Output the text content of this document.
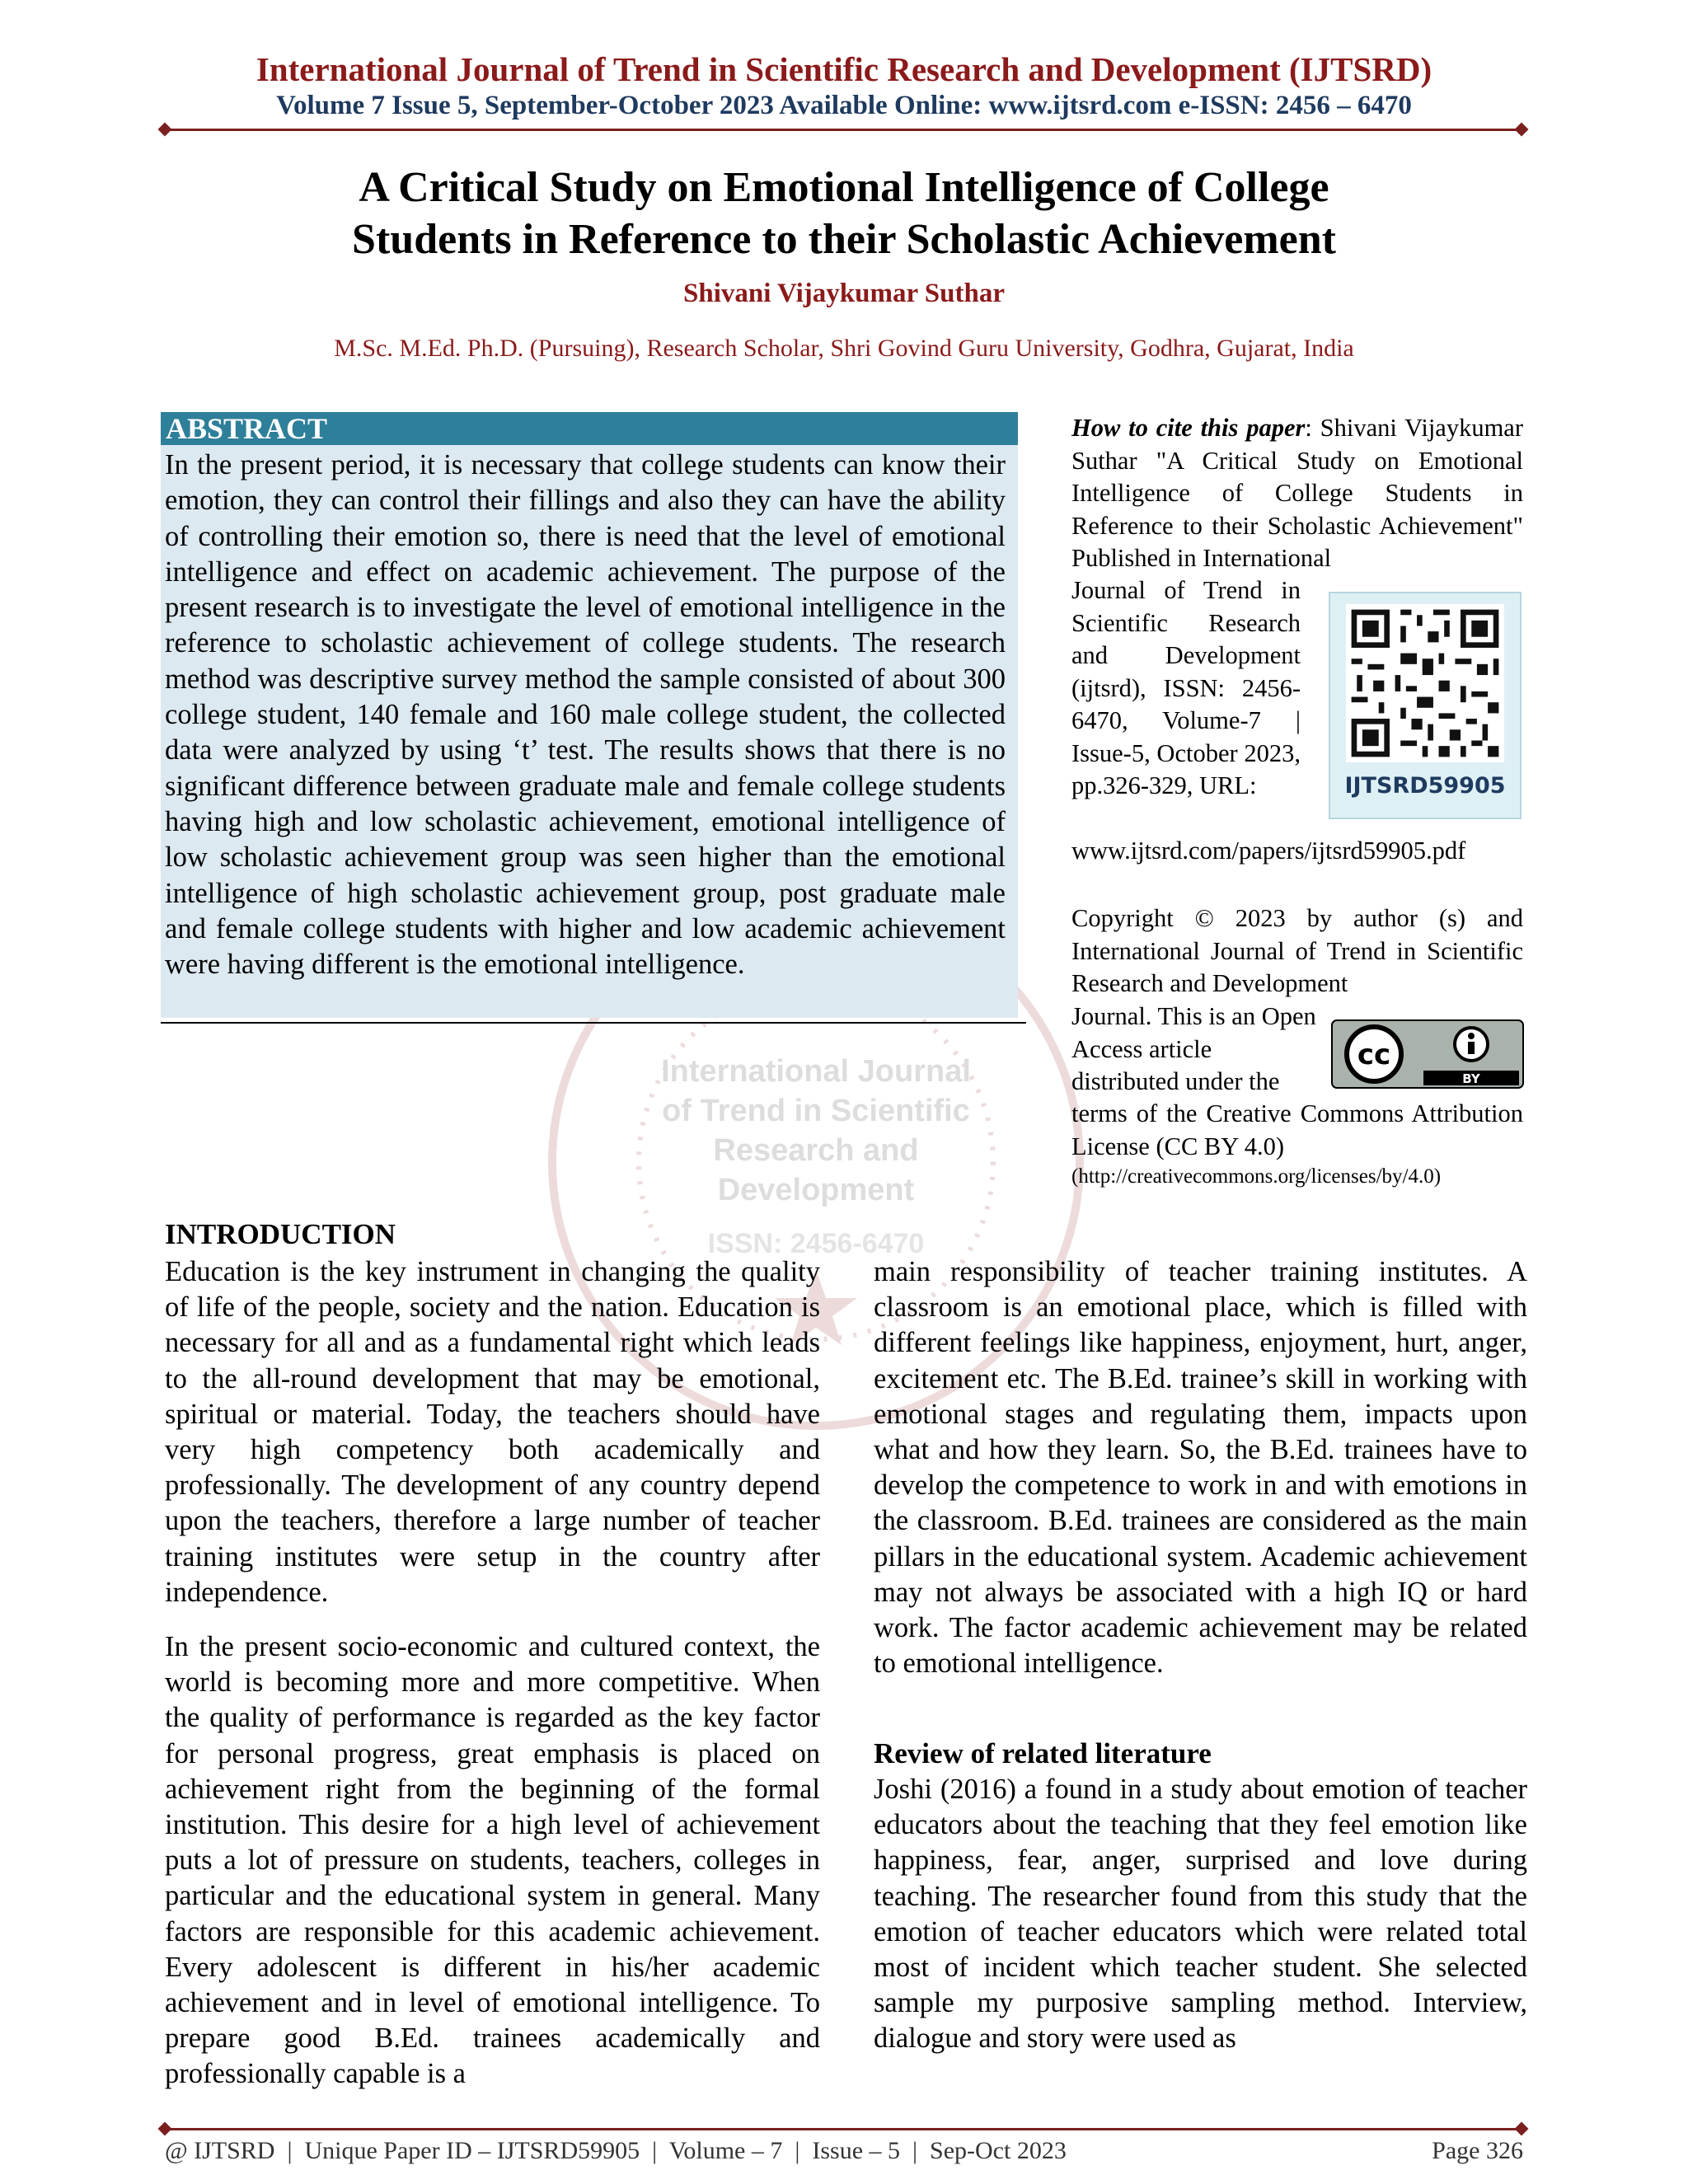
International Journal of Trend in Scientific Research and Development (IJTSRD)
Volume 7 Issue 5, September-October 2023 Available Online: www.ijtsrd.com e-ISSN: 2456 – 6470
A Critical Study on Emotional Intelligence of College
Students in Reference to their Scholastic Achievement
Shivani Vijaykumar Suthar
M.Sc. M.Ed. Ph.D. (Pursuing), Research Scholar, Shri Govind Guru University, Godhra, Gujarat, India
International Journal
of Trend in Scientific
Research and
Development
ISSN: 2456-6470
ABSTRACT
In the present period, it is necessary that college students can know their emotion, they can control their fillings and also they can have the ability of controlling their emotion so, there is need that the level of emotional intelligence and effect on academic achievement. The purpose of the present research is to investigate the level of emotional intelligence in the reference to scholastic achievement of college students. The research method was descriptive survey method the sample consisted of about 300 college student, 140 female and 160 male college student, the collected data were analyzed by using ‘t’ test. The results shows that there is no significant difference between graduate male and female college students having high and low scholastic achievement, emotional intelligence of low scholastic achievement group was seen higher than the emotional intelligence of high scholastic achievement group, post graduate male and female college students with higher and low academic achievement were having different is the emotional intelligence.
How to cite this paper: Shivani Vijaykumar Suthar "A Critical Study on Emotional Intelligence of College Students in Reference to their Scholastic Achievement" Published in International
Journal of Trend in Scientific Research and Development (ijtsrd), ISSN: 2456-6470, Volume-7 | Issue-5, October 2023, pp.326-329, URL:
www.ijtsrd.com/papers/ijtsrd59905.pdf
IJTSRD59905
Copyright © 2023 by author (s) and International Journal of Trend in Scientific Research and Development
Journal. This is an Open Access article distributed under the
cc
BY
terms of the Creative Commons Attribution License (CC BY 4.0)
(http://creativecommons.org/licenses/by/4.0)
INTRODUCTION
Education is the key instrument in changing the quality of life of the people, society and the nation. Education is necessary for all and as a fundamental right which leads to the all-round development that may be emotional, spiritual or material. Today, the teachers should have very high competency both academically and professionally. The development of any country depend upon the teachers, therefore a large number of teacher training institutes were setup in the country after independence.
In the present socio-economic and cultured context, the world is becoming more and more competitive. When the quality of performance is regarded as the key factor for personal progress, great emphasis is placed on achievement right from the beginning of the formal institution. This desire for a high level of achievement puts a lot of pressure on students, teachers, colleges in particular and the educational system in general. Many factors are responsible for this academic achievement. Every adolescent is different in his/her academic achievement and in level of emotional intelligence. To prepare good B.Ed. trainees academically and professionally capable is a
main responsibility of teacher training institutes. A classroom is an emotional place, which is filled with different feelings like happiness, enjoyment, hurt, anger, excitement etc. The B.Ed. trainee’s skill in working with emotional stages and regulating them, impacts upon what and how they learn. So, the B.Ed. trainees have to develop the competence to work in and with emotions in the classroom. B.Ed. trainees are considered as the main pillars in the educational system. Academic achievement may not always be associated with a high IQ or hard work. The factor academic achievement may be related to emotional intelligence.
Review of related literature
Joshi (2016) a found in a study about emotion of teacher educators about the teaching that they feel emotion like happiness, fear, anger, surprised and love during teaching. The researcher found from this study that the emotion of teacher educators which were related total most of incident which teacher student. She selected sample my purposive sampling method. Interview, dialogue and story were used as
@ IJTSRD  |  Unique Paper ID – IJTSRD59905  |  Volume – 7  |  Issue – 5  |  Sep-Oct 2023	Page 326
